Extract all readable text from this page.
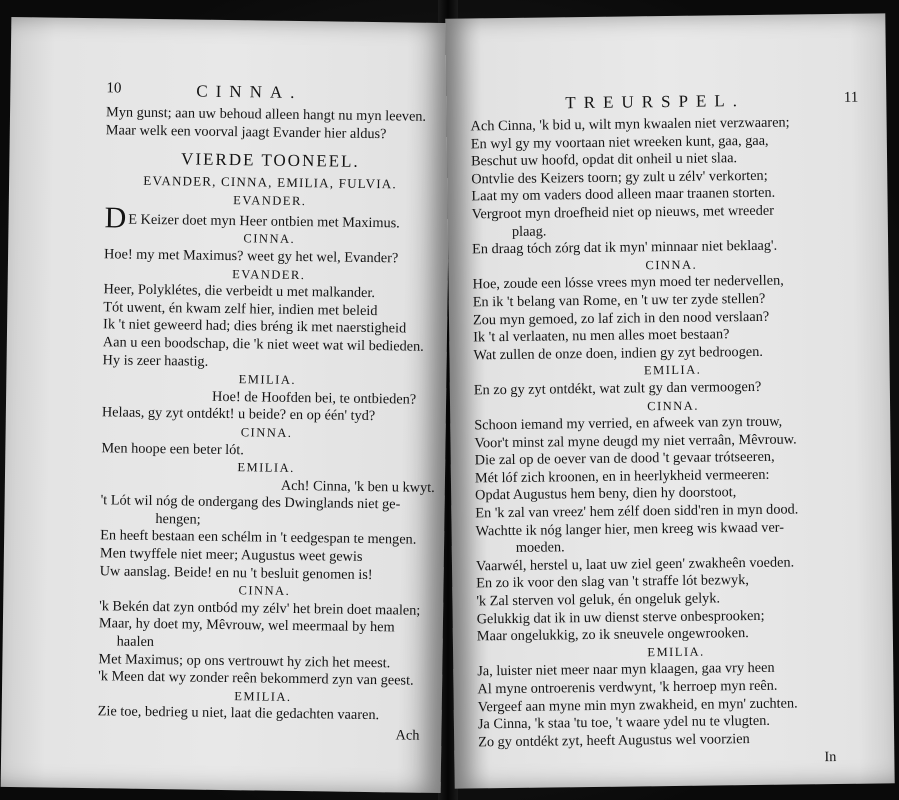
10	CINNA.
Myn gunst; aan uw behoud alleen hangt nu myn leeven.
Maar welk een voorval jaagt Evander hier aldus?
VIERDE TOONEEL.
EVANDER, CINNA, EMILIA, FULVIA.
EVANDER.
D E Keizer doet myn Heer ontbien met Maximus.
CINNA.
Hoe! my met Maximus? weet gy het wel, Evander?
EVANDER.
Heer, Polyklétes, die verbeidt u met malkander.
Tót uwent, én kwam zelf hier, indien met beleid
Ik 't niet geweerd had; dies bréng ik met naerstigheid
Aan u een boodschap, die 'k niet weet wat wil bedieden.
Hy is zeer haastig.
EMILIA.
Hoe! de Hoofden bei, te ontbieden?
Helaas, gy zyt ontdékt! u beide? en op één' tyd?
CINNA.
Men hoope een beter lót.
EMILIA.
Ach! Cinna, 'k ben u kwyt.
't Lót wil nóg de ondergang des Dwinglands niet ge-
hengen;
En heeft bestaan een schélm in 't eedgespan te mengen.
Men twyffele niet meer; Augustus weet gewis
Uw aanslag. Beide! en nu 't besluit genomen is!
CINNA.
'k Bekén dat zyn ontbód my zélv' het brein doet maalen;
Maar, hy doet my, Mêvrouw, wel meermaal by hem
haalen
Met Maximus; op ons vertrouwt hy zich het meest.
'k Meen dat wy zonder reên bekommerd zyn van geest.
EMILIA.
Zie toe, bedrieg u niet, laat die gedachten vaaren.
Ach
TREURSPEL.	11
Ach Cinna, 'k bid u, wilt myn kwaalen niet verzwaaren;
En wyl gy my voortaan niet wreeken kunt, gaa, gaa,
Beschut uw hoofd, opdat dit onheil u niet slaa.
Ontvlie des Keizers toorn; gy zult u zélv' verkorten;
Laat my om vaders dood alleen maar traanen storten.
Vergroot myn droefheid niet op nieuws, met wreeder
plaag.
En draag tóch zórg dat ik myn' minnaar niet beklaag'.
CINNA.
Hoe, zoude een lósse vrees myn moed ter nedervellen,
En ik 't belang van Rome, en 't uw ter zyde stellen?
Zou myn gemoed, zo laf zich in den nood verslaan?
Ik 't al verlaaten, nu men alles moet bestaan?
Wat zullen de onze doen, indien gy zyt bedroogen.
EMILIA.
En zo gy zyt ontdékt, wat zult gy dan vermoogen?
CINNA.
Schoon iemand my verried, en afweek van zyn trouw,
Voor't minst zal myne deugd my niet verraân, Mêvrouw.
Die zal op de oever van de dood 't gevaar trótseeren,
Mét lóf zich kroonen, en in heerlykheid vermeeren:
Opdat Augustus hem beny, dien hy doorstoot,
En 'k zal van vreez' hem zélf doen sidd'ren in myn dood.
Wachtte ik nóg langer hier, men kreeg wis kwaad ver-
moeden.
Vaarwél, herstel u, laat uw ziel geen' zwakheên voeden.
En zo ik voor den slag van 't straffe lót bezwyk,
'k Zal sterven vol geluk, én ongeluk gelyk.
Gelukkig dat ik in uw dienst sterve onbesprooken;
Maar ongelukkig, zo ik sneuvele ongewrooken.
EMILIA.
Ja, luister niet meer naar myn klaagen, gaa vry heen
Al myne ontroerenis verdwynt, 'k herroep myn reên.
Vergeef aan myne min myn zwakheid, en myn' zuchten.
Ja Cinna, 'k staa 'tu toe, 't waare ydel nu te vlugten.
Zo gy ontdékt zyt, heeft Augustus wel voorzien
In
